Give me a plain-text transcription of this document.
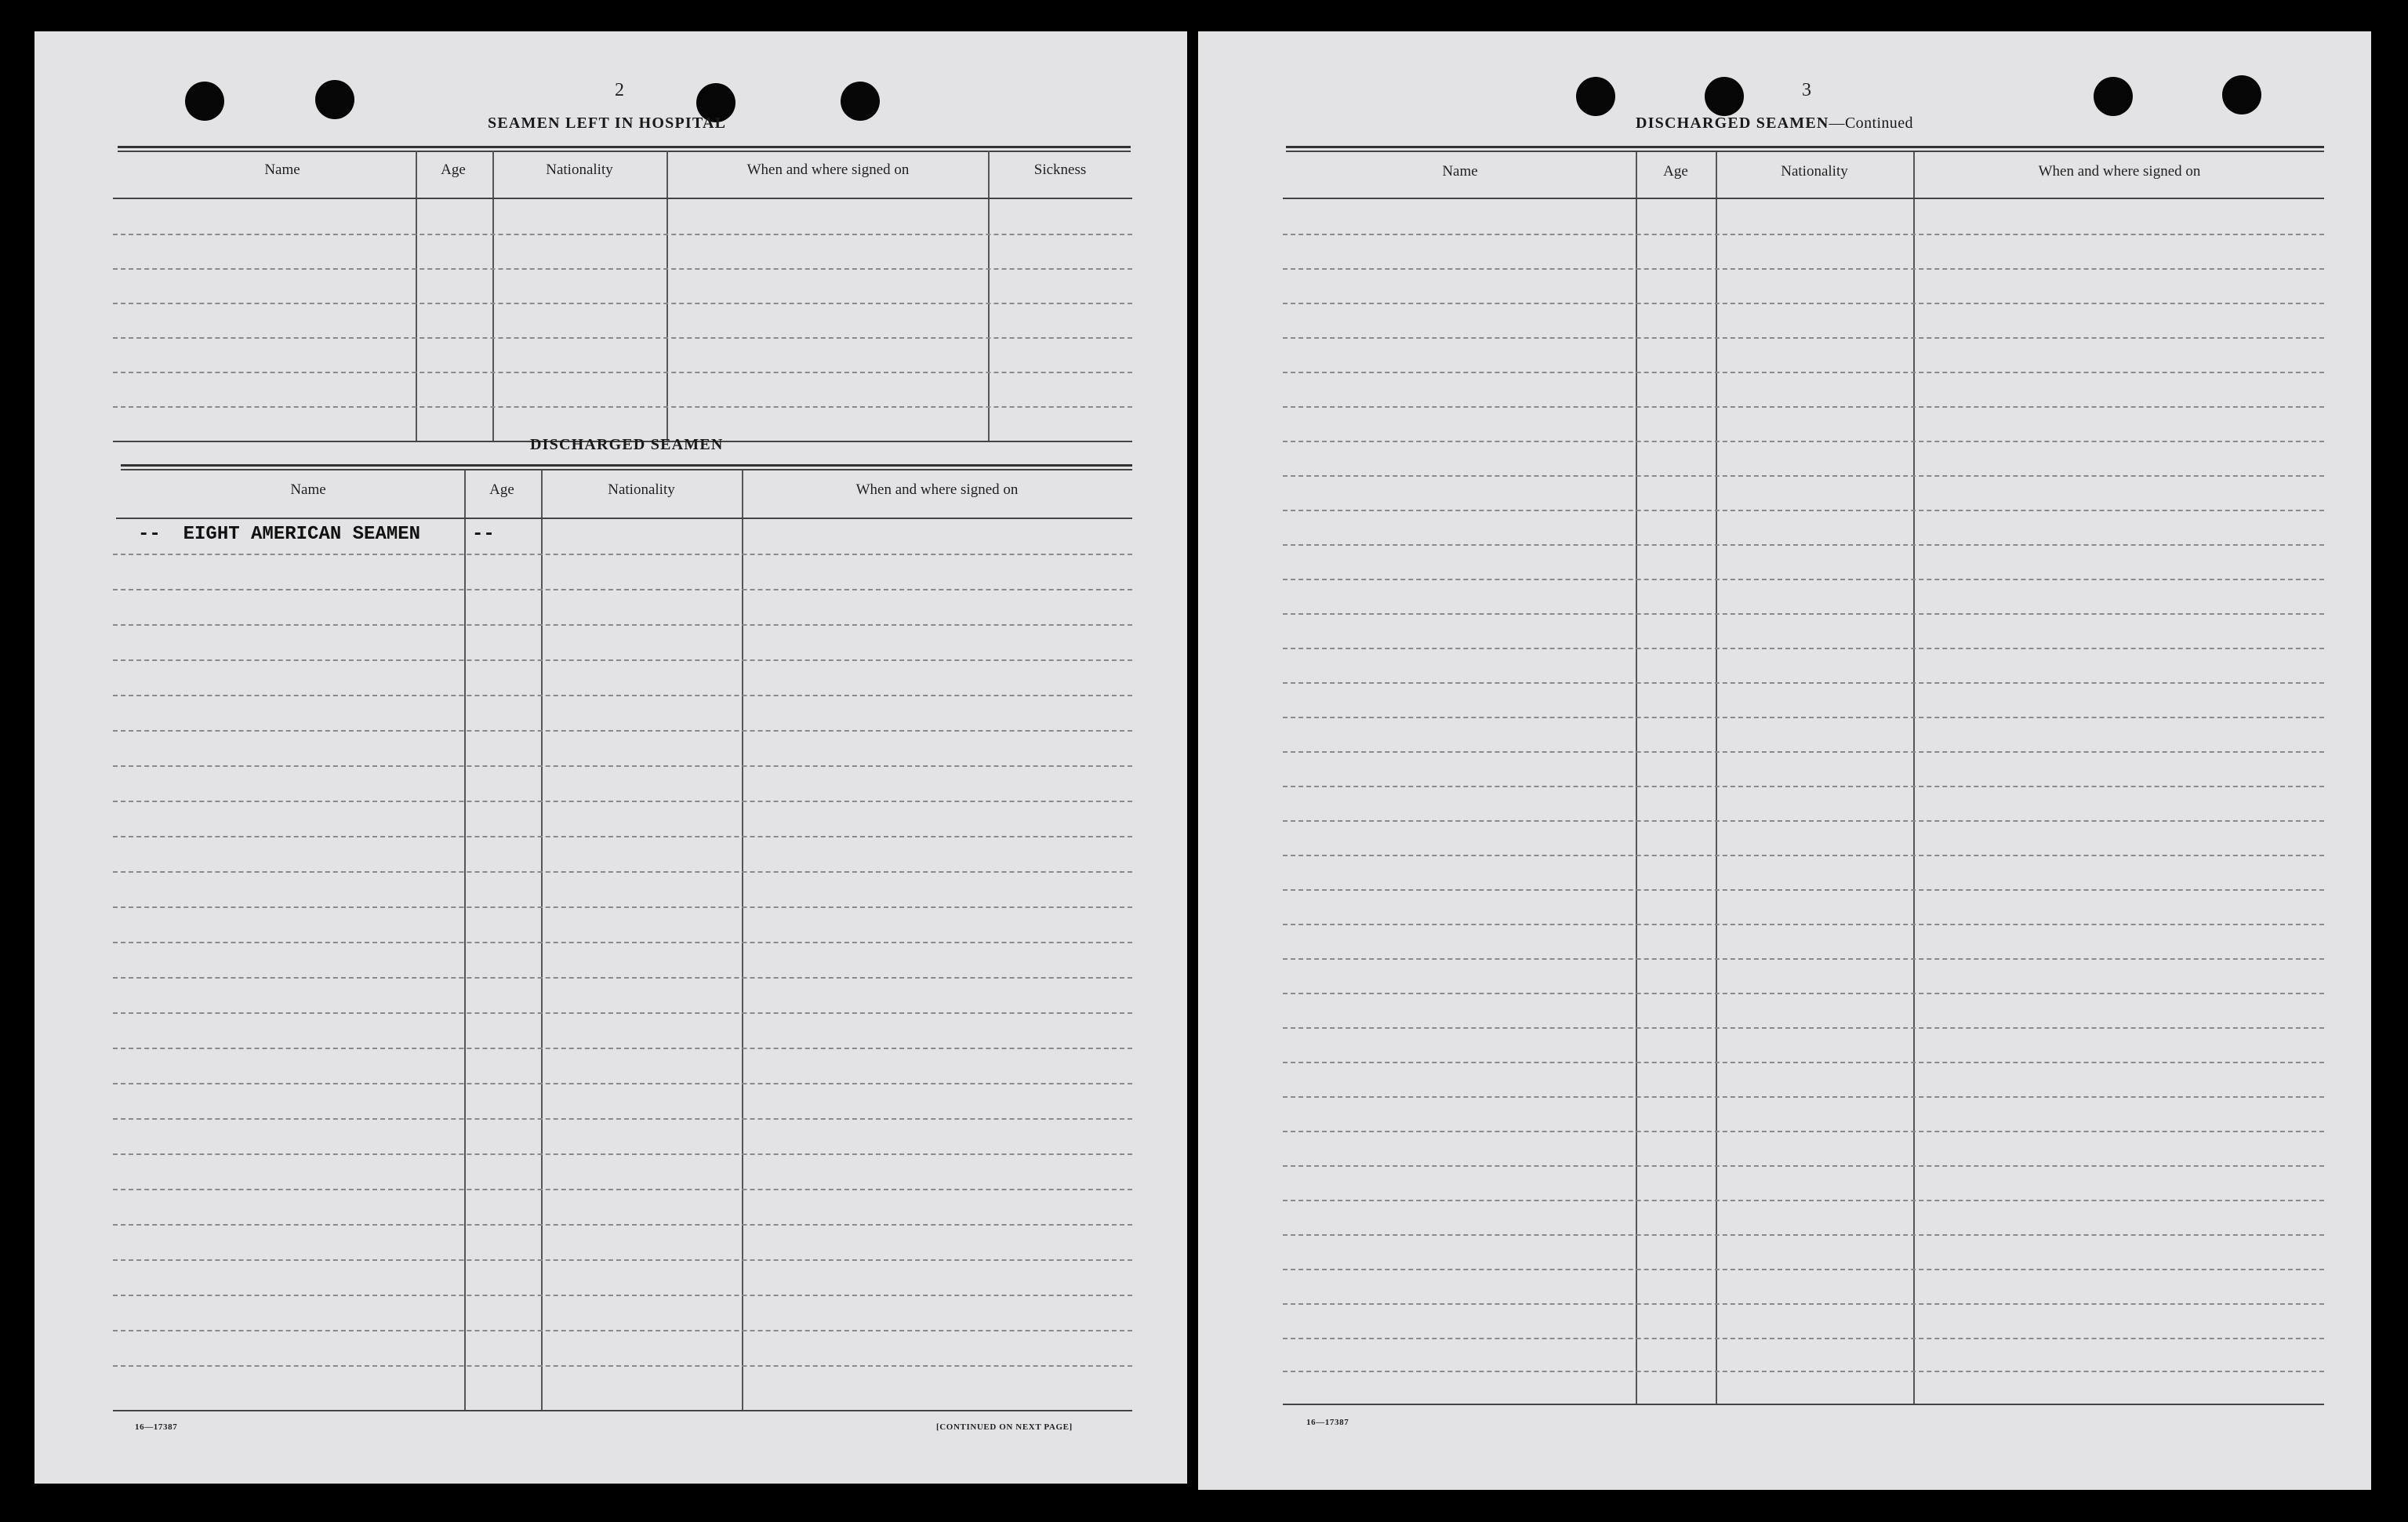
2
SEAMEN LEFT IN HOSPITAL
Name	Age	Nationality	When and where signed on	Sickness
DISCHARGED SEAMEN
Name	Age	Nationality	When and where signed on
--  EIGHT AMERICAN SEAMEN	--
16—17387	[CONTINUED ON NEXT PAGE]
3
DISCHARGED SEAMEN—Continued
Name	Age	Nationality	When and where signed on
16—17387
